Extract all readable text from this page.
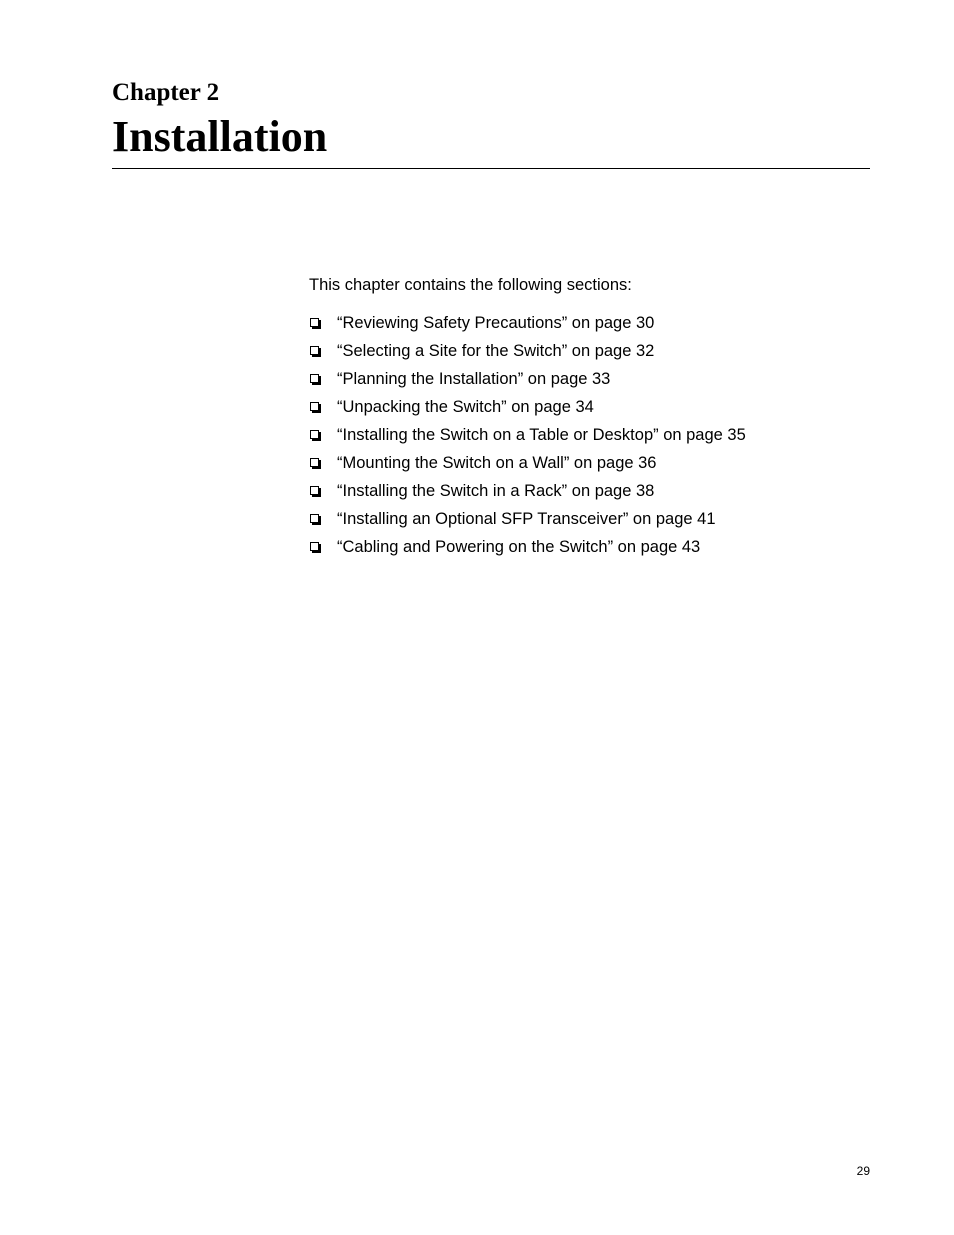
Chapter 2
Installation

This chapter contains the following sections:

“Reviewing Safety Precautions” on page 30
“Selecting a Site for the Switch” on page 32
“Planning the Installation” on page 33
“Unpacking the Switch” on page 34
“Installing the Switch on a Table or Desktop” on page 35
“Mounting the Switch on a Wall” on page 36
“Installing the Switch in a Rack” on page 38
“Installing an Optional SFP Transceiver” on page 41
“Cabling and Powering on the Switch” on page 43

29
